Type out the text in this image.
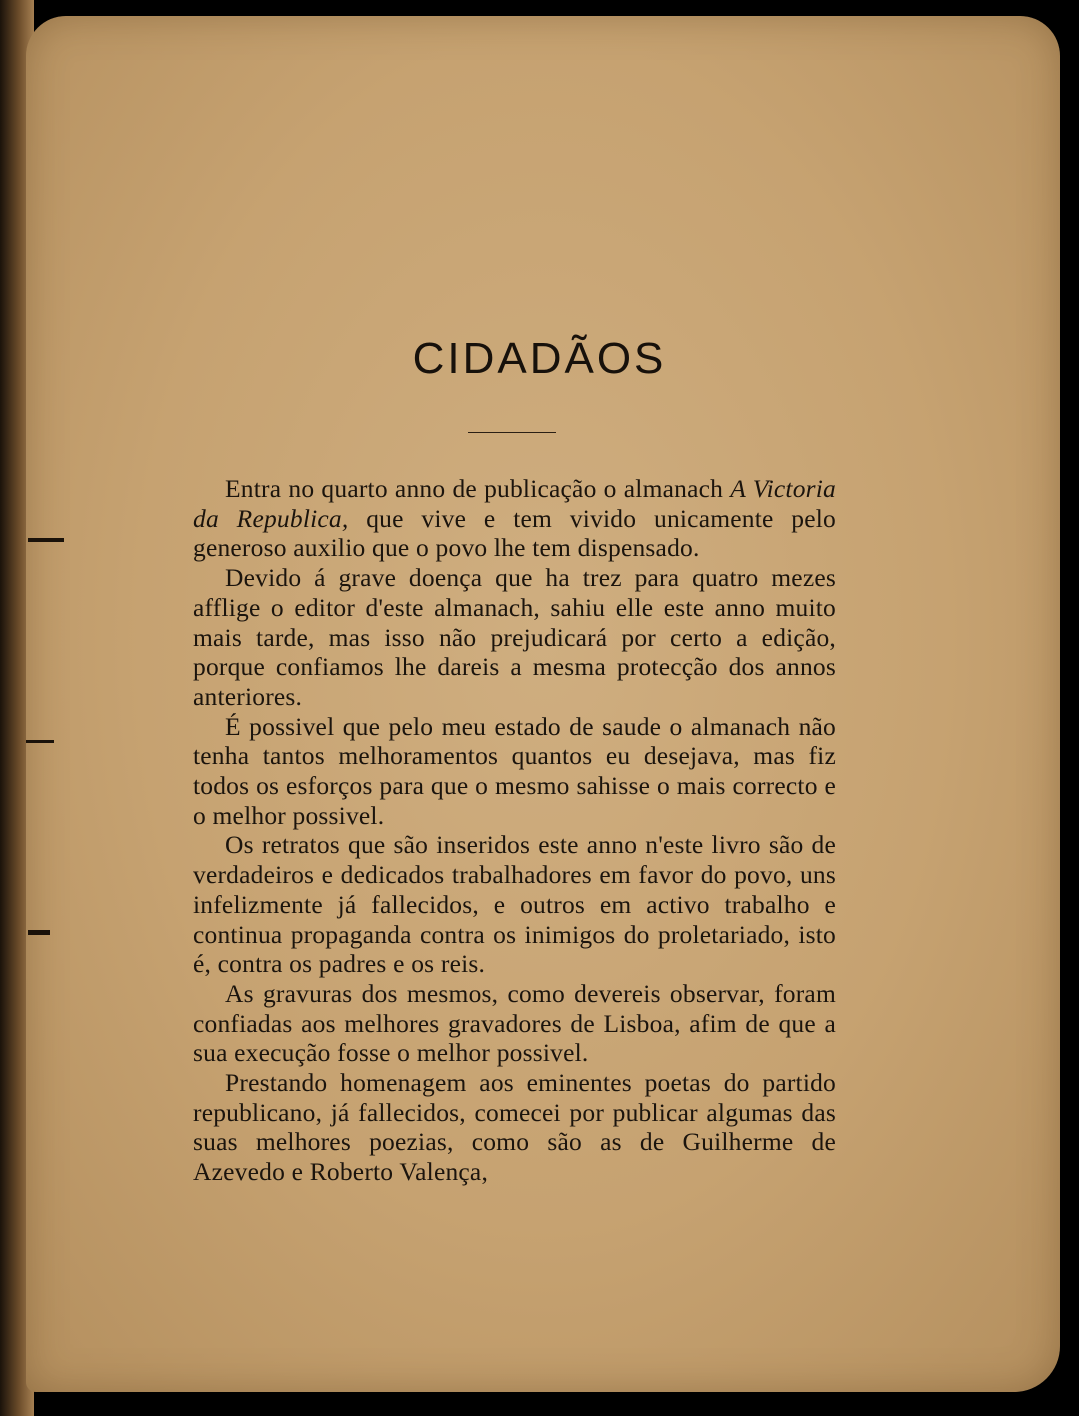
CIDADÃOS

Entra no quarto anno de publicação o almanach A Victoria da Republica, que vive e tem vivido unicamente pelo generoso auxilio que o povo lhe tem dispensado.

Devido á grave doença que ha trez para quatro mezes afflige o editor d'este almanach, sahiu elle este anno muito mais tarde, mas isso não prejudicará por certo a edição, porque confiamos lhe dareis a mesma protecção dos annos anteriores.

É possivel que pelo meu estado de saude o almanach não tenha tantos melhoramentos quantos eu desejava, mas fiz todos os esforços para que o mesmo sahisse o mais correcto e o melhor possivel.

Os retratos que são inseridos este anno n'este livro são de verdadeiros e dedicados trabalhadores em favor do povo, uns infelizmente já fallecidos, e outros em activo trabalho e continua propaganda contra os inimigos do proletariado, isto é, contra os padres e os reis.

As gravuras dos mesmos, como devereis observar, foram confiadas aos melhores gravadores de Lisboa, afim de que a sua execução fosse o melhor possivel.

Prestando homenagem aos eminentes poetas do partido republicano, já fallecidos, comecei por publicar algumas das suas melhores poezias, como são as de Guilherme de Azevedo e Roberto Valença,
